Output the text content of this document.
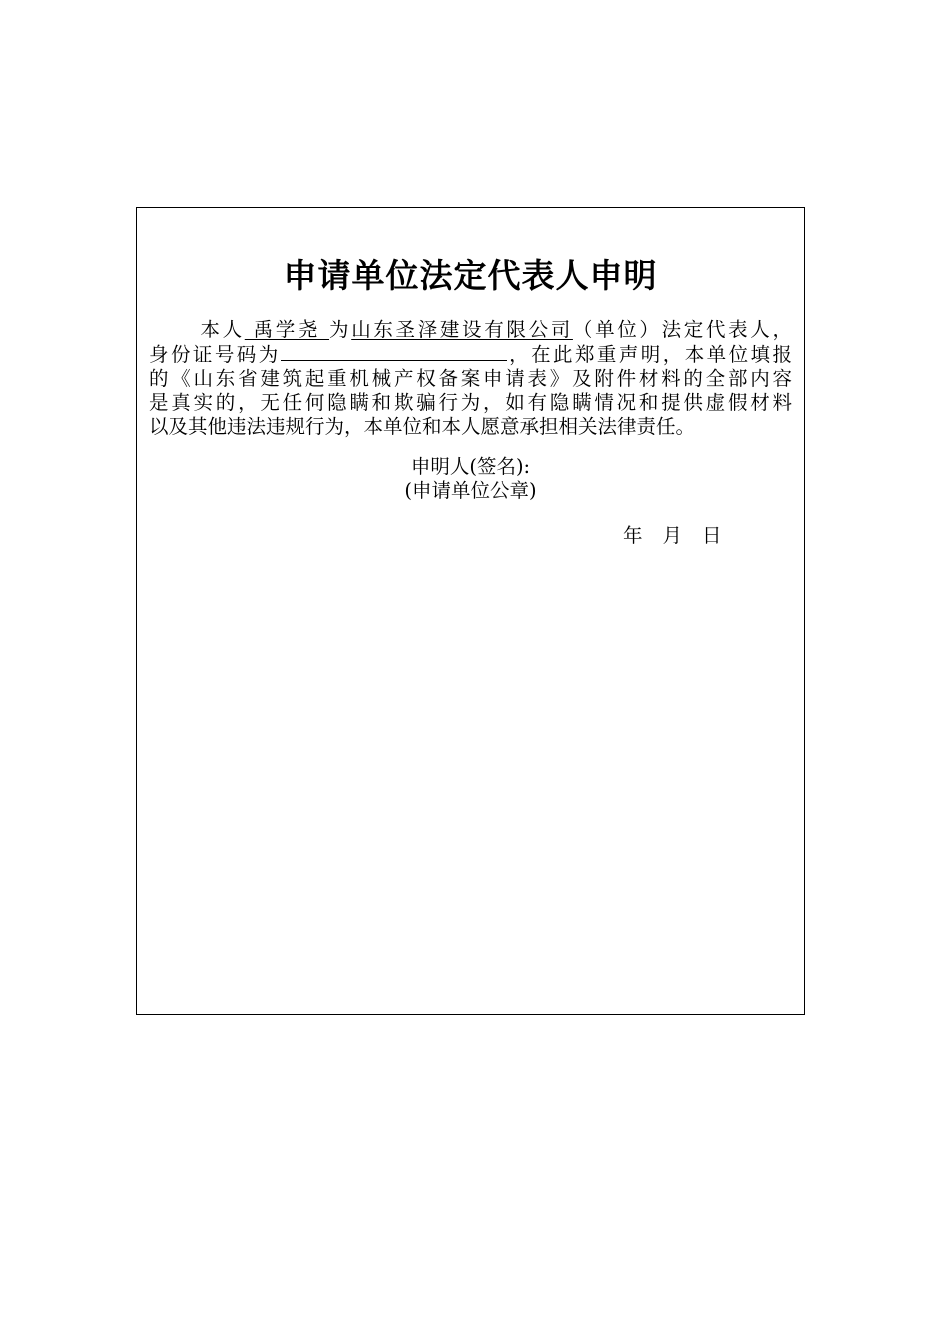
申请单位法定代表人申明
   本人 禹学尧 为山东圣泽建设有限公司（单位）法定代表人，
身份证号码为	，在此郑重声明，本单位填报
的《山东省建筑起重机械产权备案申请表》及附件材料的全部内容
是真实的，无任何隐瞒和欺骗行为，如有隐瞒情况和提供虚假材料
以及其他违法违规行为，本单位和本人愿意承担相关法律责任。
申明人(签名):
(申请单位公章)
年 月 日
